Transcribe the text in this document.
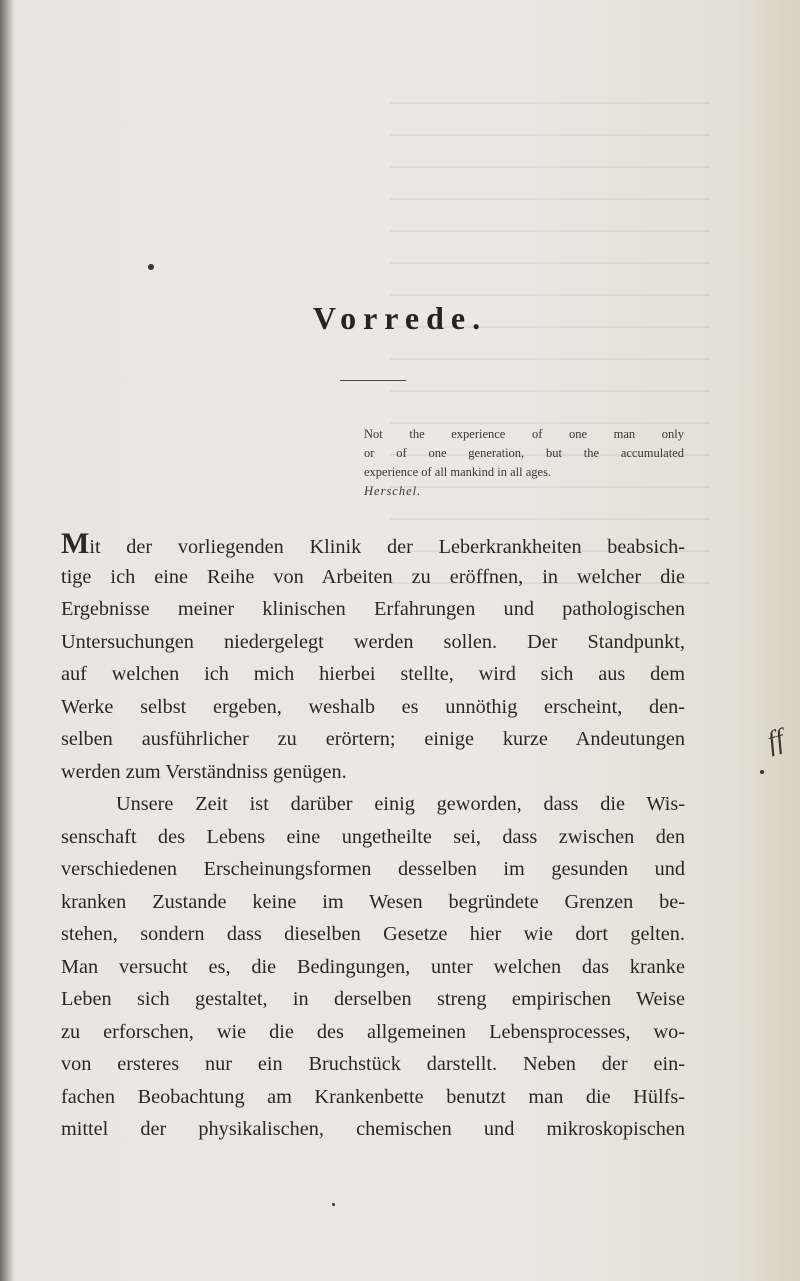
Vorrede.
Not the experience of one man only
or of one generation, but the accumulated
experience of all mankind in all ages.
Herschel.
Mit der vorliegenden Klinik der Leberkrankheiten beabsich-
tige ich eine Reihe von Arbeiten zu eröffnen, in welcher die
Ergebnisse meiner klinischen Erfahrungen und pathologischen
Untersuchungen niedergelegt werden sollen. Der Standpunkt,
auf welchen ich mich hierbei stellte, wird sich aus dem
Werke selbst ergeben, weshalb es unnöthig erscheint, den-
selben ausführlicher zu erörtern; einige kurze Andeutungen
werden zum Verständniss genügen.
Unsere Zeit ist darüber einig geworden, dass die Wis-
senschaft des Lebens eine ungetheilte sei, dass zwischen den
verschiedenen Erscheinungsformen desselben im gesunden und
kranken Zustande keine im Wesen begründete Grenzen be-
stehen, sondern dass dieselben Gesetze hier wie dort gelten.
Man versucht es, die Bedingungen, unter welchen das kranke
Leben sich gestaltet, in derselben streng empirischen Weise
zu erforschen, wie die des allgemeinen Lebensprocesses, wo-
von ersteres nur ein Bruchstück darstellt. Neben der ein-
fachen Beobachtung am Krankenbette benutzt man die Hülfs-
mittel der physikalischen, chemischen und mikroskopischen
ff
